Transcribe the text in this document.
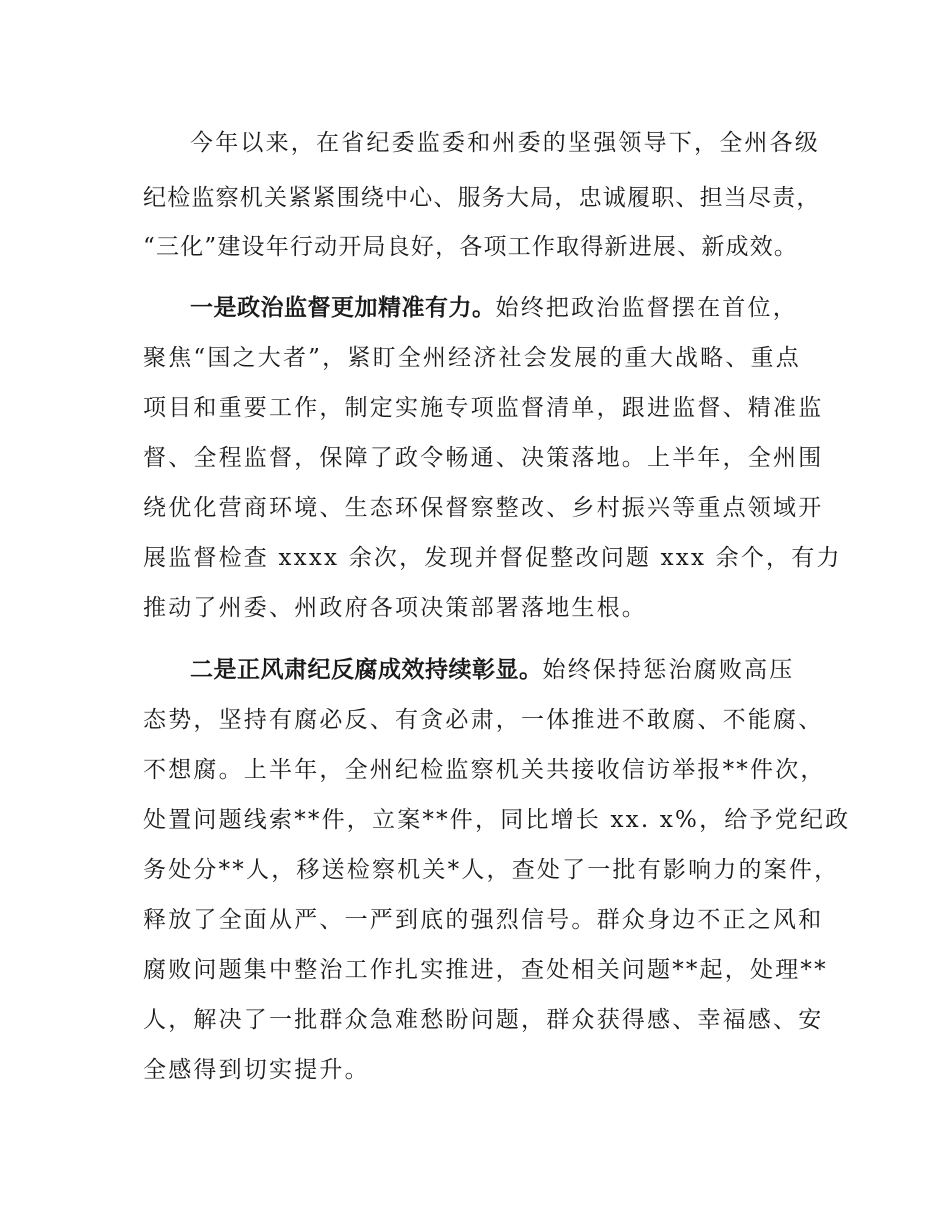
今年以来，在省纪委监委和州委的坚强领导下，全州各级
纪检监察机关紧紧围绕中心、服务大局，忠诚履职、担当尽责，
“三化”建设年行动开局良好，各项工作取得新进展、新成效。
一是政治监督更加精准有力。始终把政治监督摆在首位，
聚焦“国之大者”，紧盯全州经济社会发展的重大战略、重点
项目和重要工作，制定实施专项监督清单，跟进监督、精准监
督、全程监督，保障了政令畅通、决策落地。上半年，全州围
绕优化营商环境、生态环保督察整改、乡村振兴等重点领域开
展监督检查 xxxx 余次，发现并督促整改问题 xxx 余个，有力
推动了州委、州政府各项决策部署落地生根。
二是正风肃纪反腐成效持续彰显。始终保持惩治腐败高压
态势，坚持有腐必反、有贪必肃，一体推进不敢腐、不能腐、
不想腐。上半年，全州纪检监察机关共接收信访举报**件次，
处置问题线索**件，立案**件，同比增长 xx. x%，给予党纪政
务处分**人，移送检察机关*人，查处了一批有影响力的案件，
释放了全面从严、一严到底的强烈信号。群众身边不正之风和
腐败问题集中整治工作扎实推进，查处相关问题**起，处理**
人，解决了一批群众急难愁盼问题，群众获得感、幸福感、安
全感得到切实提升。
